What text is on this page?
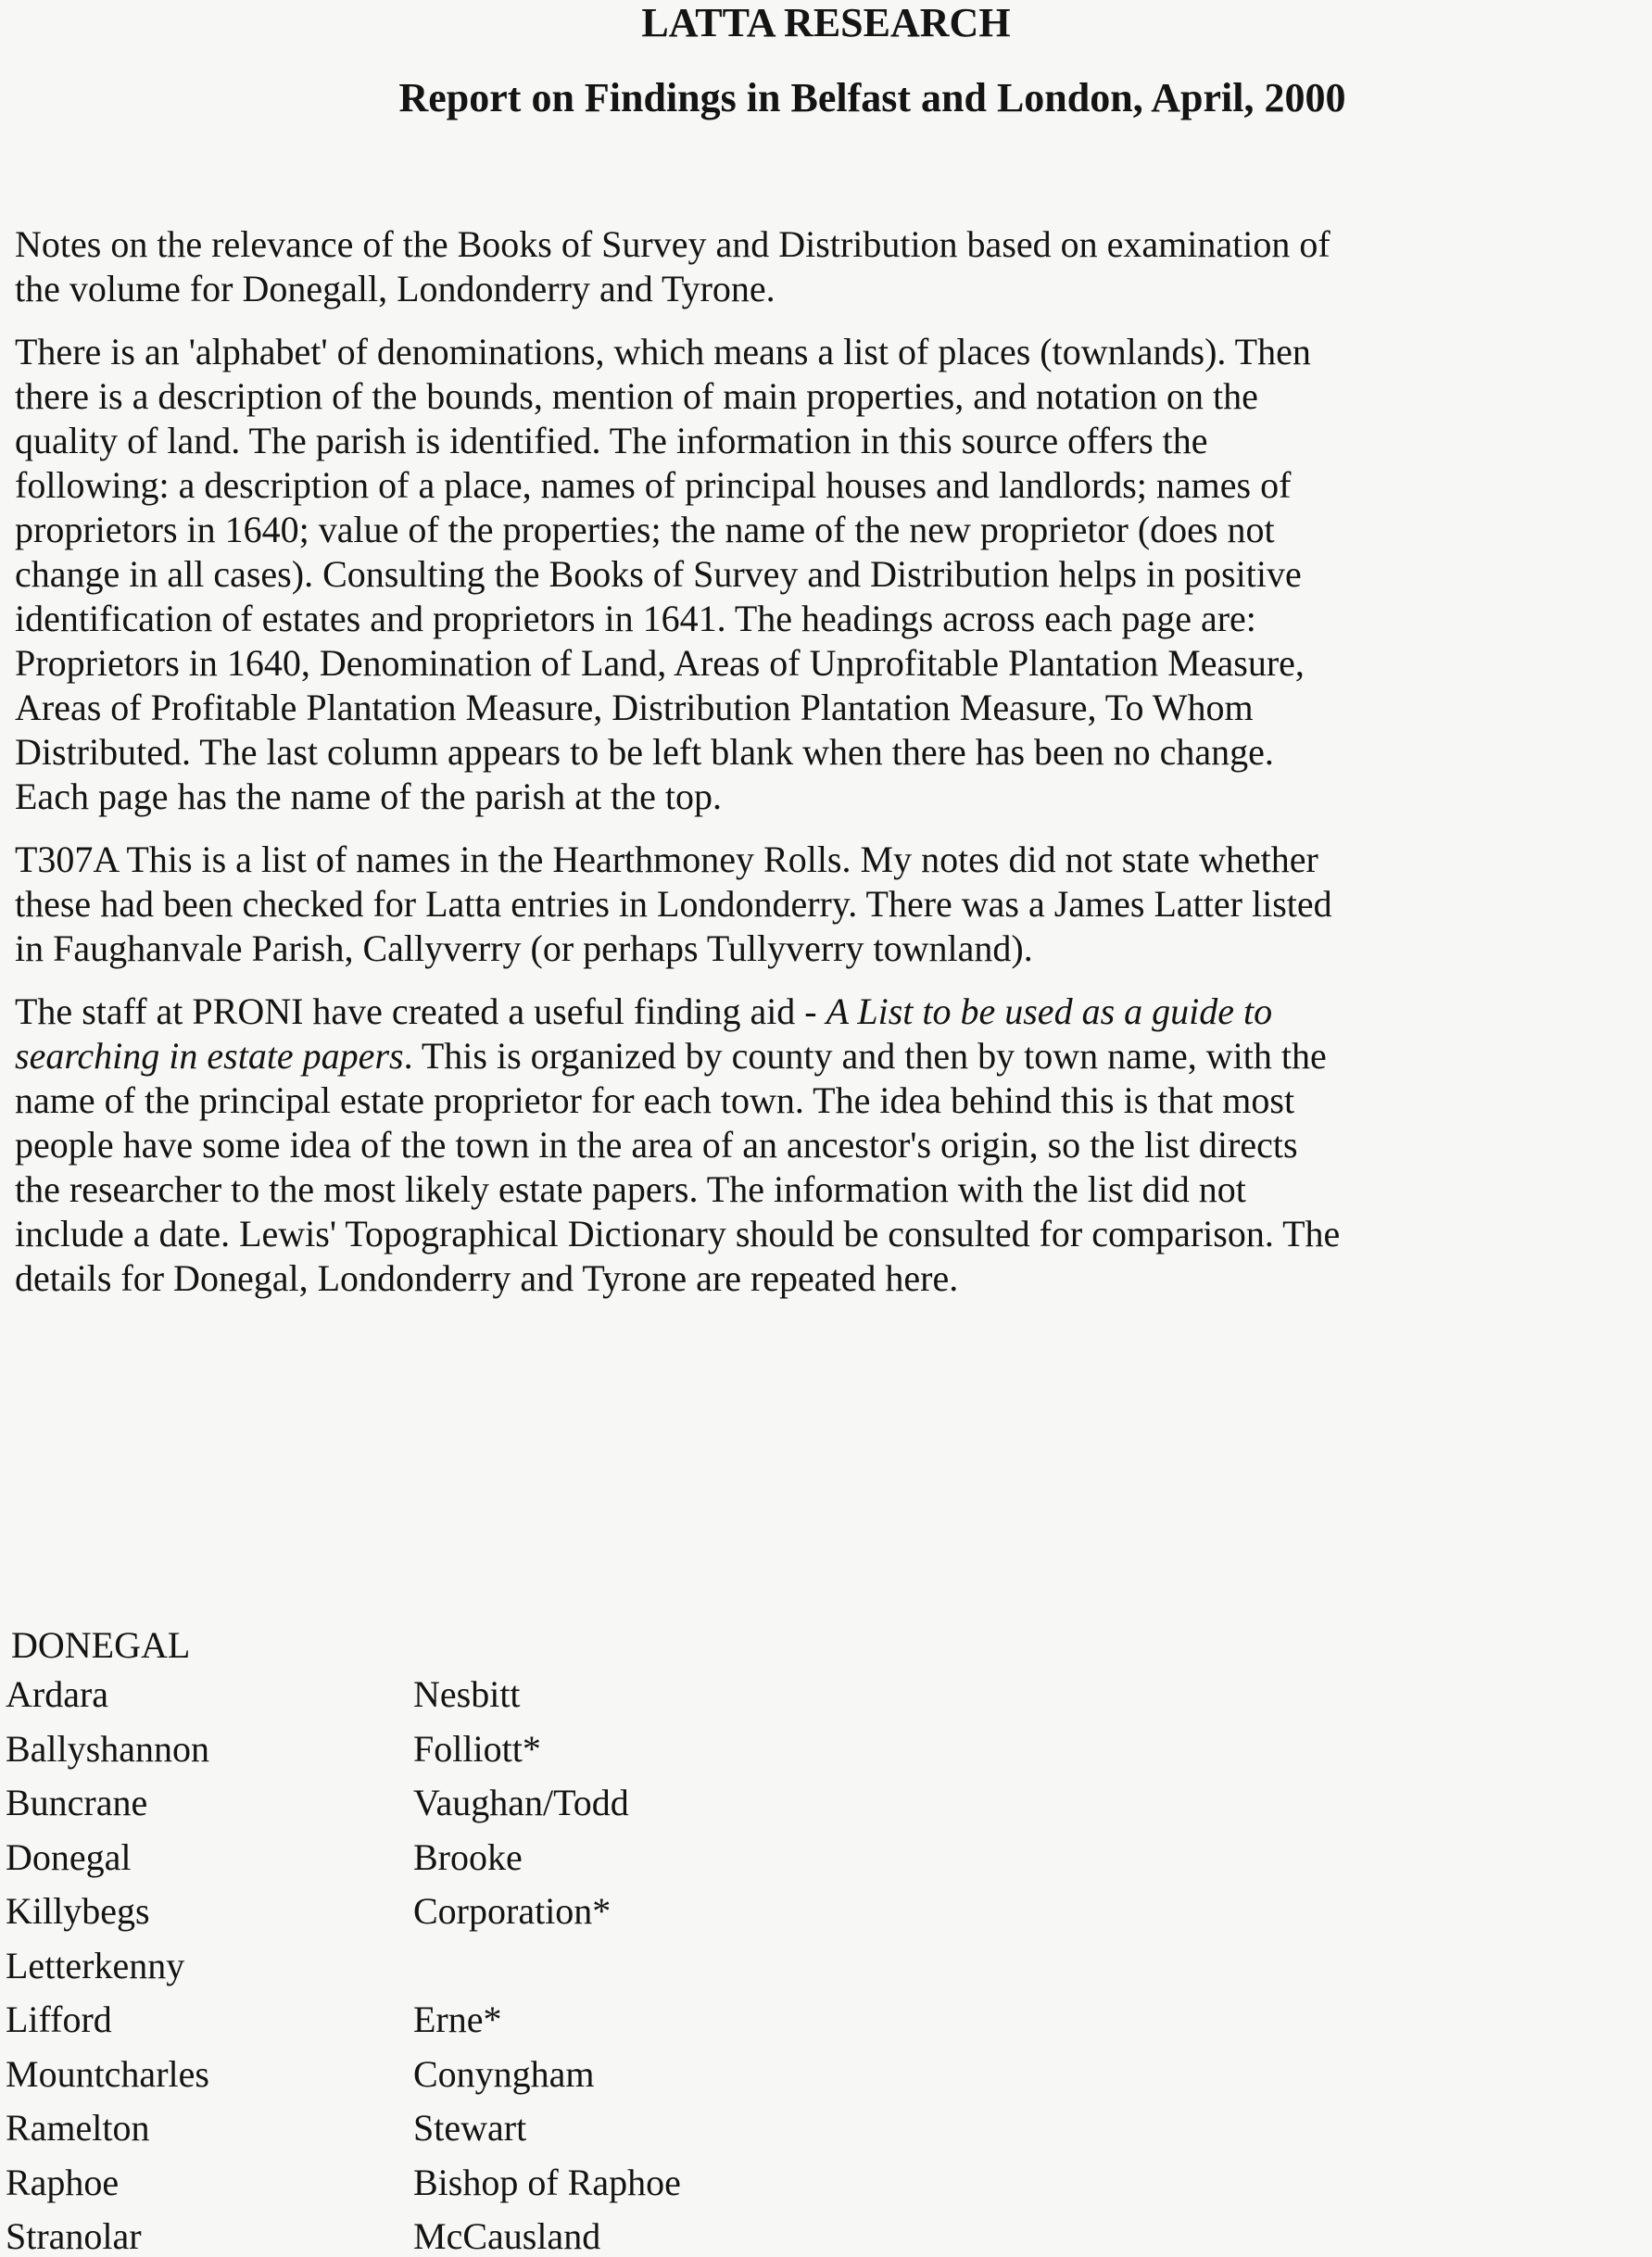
LATTA RESEARCH

Report on Findings in Belfast and London, April, 2000

Notes on the relevance of the Books of Survey and Distribution based on examination of
the volume for Donegall, Londonderry and Tyrone.
There is an 'alphabet' of denominations, which means a list of places (townlands). Then
there is a description of the bounds, mention of main properties, and notation on the
quality of land. The parish is identified. The information in this source offers the
following: a description of a place, names of principal houses and landlords; names of
proprietors in 1640; value of the properties; the name of the new proprietor (does not
change in all cases). Consulting the Books of Survey and Distribution helps in positive
identification of estates and proprietors in 1641. The headings across each page are:
Proprietors in 1640, Denomination of Land, Areas of Unprofitable Plantation Measure,
Areas of Profitable Plantation Measure, Distribution Plantation Measure, To Whom
Distributed. The last column appears to be left blank when there has been no change.
Each page has the name of the parish at the top.
T307A This is a list of names in the Hearthmoney Rolls. My notes did not state whether
these had been checked for Latta entries in Londonderry. There was a James Latter listed
in Faughanvale Parish, Callyverry (or perhaps Tullyverry townland).
The staff at PRONI have created a useful finding aid - A List to be used as a guide to
searching in estate papers. This is organized by county and then by town name, with the
name of the principal estate proprietor for each town. The idea behind this is that most
people have some idea of the town in the area of an ancestor's origin, so the list directs
the researcher to the most likely estate papers. The information with the list did not
include a date. Lewis' Topographical Dictionary should be consulted for comparison. The
details for Donegal, Londonderry and Tyrone are repeated here.
DONEGAL
Ardara	Nesbitt
Ballyshannon	Folliott*
Buncrane	Vaughan/Todd
Donegal	Brooke
Killybegs	Corporation*
Letterkenny
Lifford	Erne*
Mountcharles	Conyngham
Ramelton	Stewart
Raphoe	Bishop of Raphoe
Stranolar	McCausland
